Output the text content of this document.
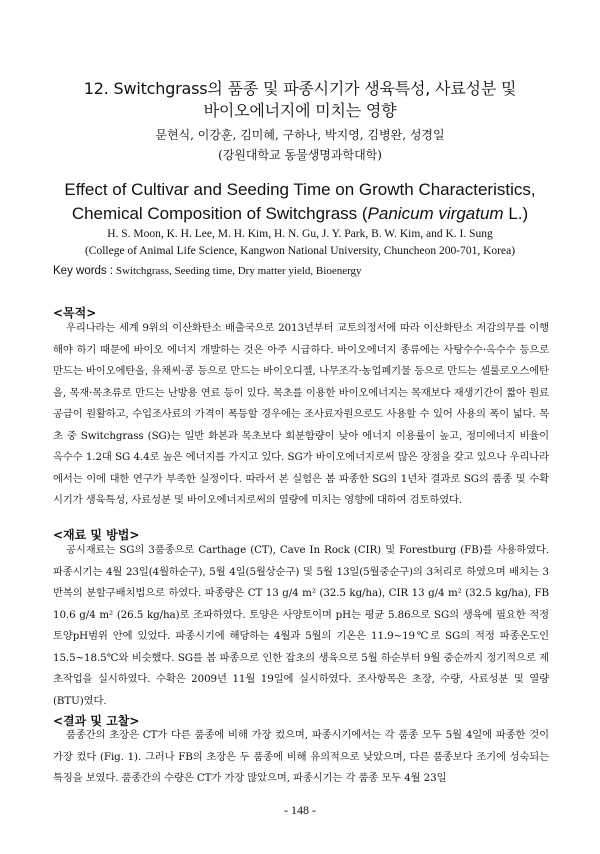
12. Switchgrass의 품종 및 파종시기가 생육특성, 사료성분 및
바이오에너지에 미치는 영향
문현식, 이강훈, 김미혜, 구하나, 박지영, 김병완, 성경일
(강원대학교 동물생명과학대학)
Effect of Cultivar and Seeding Time on Growth Characteristics,
Chemical Composition of Switchgrass (Panicum virgatum L.)
H. S. Moon, K. H. Lee, M. H. Kim, H. N. Gu, J. Y. Park, B. W. Kim, and K. I. Sung
(College of Animal Life Science, Kangwon National University, Chuncheon 200-701, Korea)
Key words : Switchgrass, Seeding time, Dry matter yield, Bioenergy
<목적>

우리나라는 세계 9위의 이산화탄소 배출국으로 2013년부터 교토의정서에 따라 이산화탄소 저감의무를 이행해야 하기 때문에 바이오 에너지 개발하는 것은 아주 시급하다. 바이오에너지 종류에는 사탕수수·옥수수 등으로 만드는 바이오에탄올, 유채씨·콩 등으로 만드는 바이오디젤, 나무조각·농업폐기물 등으로 만드는 셀룰로오스에탄올, 목재·목초류로 만드는 난방용 연료 등이 있다. 목초를 이용한 바이오에너지는 목재보다 재생기간이 짧아 원료공급이 원활하고, 수입조사료의 가격이 폭등할 경우에는 조사료자원으로도 사용할 수 있어 사용의 폭이 넓다. 목초 중 Switchgrass (SG)는 일반 화본과 목초보다 회분함량이 낮아 에너지 이용률이 높고, 정미에너지 비율이 옥수수 1.2대 SG 4.4로 높은 에너지를 가지고 있다. SG가 바이오에너지로써 많은 장점을 갖고 있으나 우리나라에서는 이에 대한 연구가 부족한 실정이다. 따라서 본 실험은 봄 파종한 SG의 1년차 결과로 SG의 품종 및 수확시기가 생육특성, 사료성분 및 바이오에너지로써의 열량에 미치는 영향에 대하여 검토하였다.

<재료 및 방법>

공시재료는 SG의 3품종으로 Carthage (CT), Cave In Rock (CIR) 및 Forestburg (FB)를 사용하였다. 파종시기는 4월 23일(4월하순구), 5월 4일(5월상순구) 및 5월 13일(5월중순구)의 3처리로 하였으며 배치는 3반복의 분할구배치법으로 하였다. 파종량은 CT 13 g/4 m² (32.5 kg/ha), CIR 13 g/4 m² (32.5 kg/ha), FB 10.6 g/4 m² (26.5 kg/ha)로 조파하였다. 토양은 사양토이며 pH는 평균 5.86으로 SG의 생육에 필요한 적정토양pH범위 안에 있었다. 파종시기에 해당하는 4월과 5월의 기온은 11.9~19℃로 SG의 적정 파종온도인 15.5~18.5℃와 비슷했다. SG를 봄 파종으로 인한 잡초의 생육으로 5월 하순부터 9월 중순까지 정기적으로 제초작업을 실시하였다. 수확은 2009년 11월 19일에 실시하였다. 조사항목은 초장, 수량, 사료성분 및 열량(BTU)였다.

<결과 및 고찰>

품종간의 초장은 CT가 다른 품종에 비해 가장 컸으며, 파종시기에서는 각 품종 모두 5월 4일에 파종한 것이 가장 컸다 (Fig. 1). 그러나 FB의 초장은 두 품종에 비해 유의적으로 낮았으며, 다른 품종보다 조기에 성숙되는 특징을 보였다. 품종간의 수량은 CT가 가장 많았으며, 파종시기는 각 품종 모두 4월 23일

- 148 -
